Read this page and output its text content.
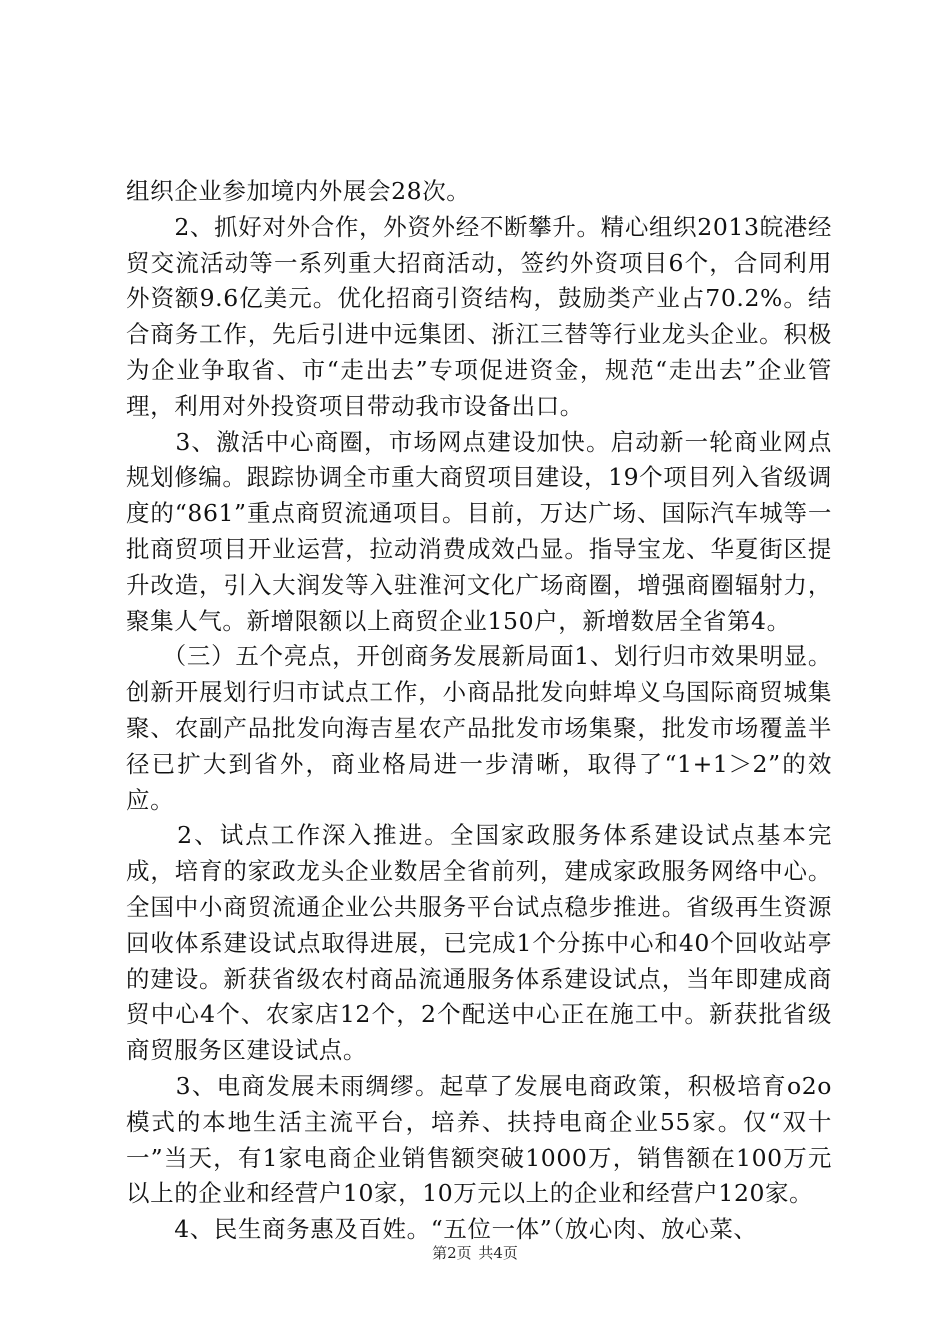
组织企业参加境内外展会28次。

　　2、抓好对外合作，外资外经不断攀升。精心组织2013皖港经贸交流活动等一系列重大招商活动，签约外资项目6个，合同利用外资额9.6亿美元。优化招商引资结构，鼓励类产业占70.2%。结合商务工作，先后引进中远集团、浙江三替等行业龙头企业。积极为企业争取省、市“走出去”专项促进资金，规范“走出去”企业管理，利用对外投资项目带动我市设备出口。

　　3、激活中心商圈，市场网点建设加快。启动新一轮商业网点规划修编。跟踪协调全市重大商贸项目建设，19个项目列入省级调度的“861”重点商贸流通项目。目前，万达广场、国际汽车城等一批商贸项目开业运营，拉动消费成效凸显。指导宝龙、华夏街区提升改造，引入大润发等入驻淮河文化广场商圈，增强商圈辐射力，聚集人气。新增限额以上商贸企业150户，新增数居全省第4。

　　（三）五个亮点，开创商务发展新局面1、划行归市效果明显。创新开展划行归市试点工作，小商品批发向蚌埠义乌国际商贸城集聚、农副产品批发向海吉星农产品批发市场集聚，批发市场覆盖半径已扩大到省外，商业格局进一步清晰，取得了“1+1＞2”的效应。

　　2、试点工作深入推进。全国家政服务体系建设试点基本完成，培育的家政龙头企业数居全省前列，建成家政服务网络中心。全国中小商贸流通企业公共服务平台试点稳步推进。省级再生资源回收体系建设试点取得进展，已完成1个分拣中心和40个回收站亭的建设。新获省级农村商品流通服务体系建设试点，当年即建成商贸中心4个、农家店12个，2个配送中心正在施工中。新获批省级商贸服务区建设试点。

　　3、电商发展未雨绸缪。起草了发展电商政策，积极培育o2o模式的本地生活主流平台，培养、扶持电商企业55家。仅“双十一”当天，有1家电商企业销售额突破1000万，销售额在100万元以上的企业和经营户10家，10万元以上的企业和经营户120家。

　　4、民生商务惠及百姓。“五位一体”（放心肉、放心菜、

第2页 共4页
